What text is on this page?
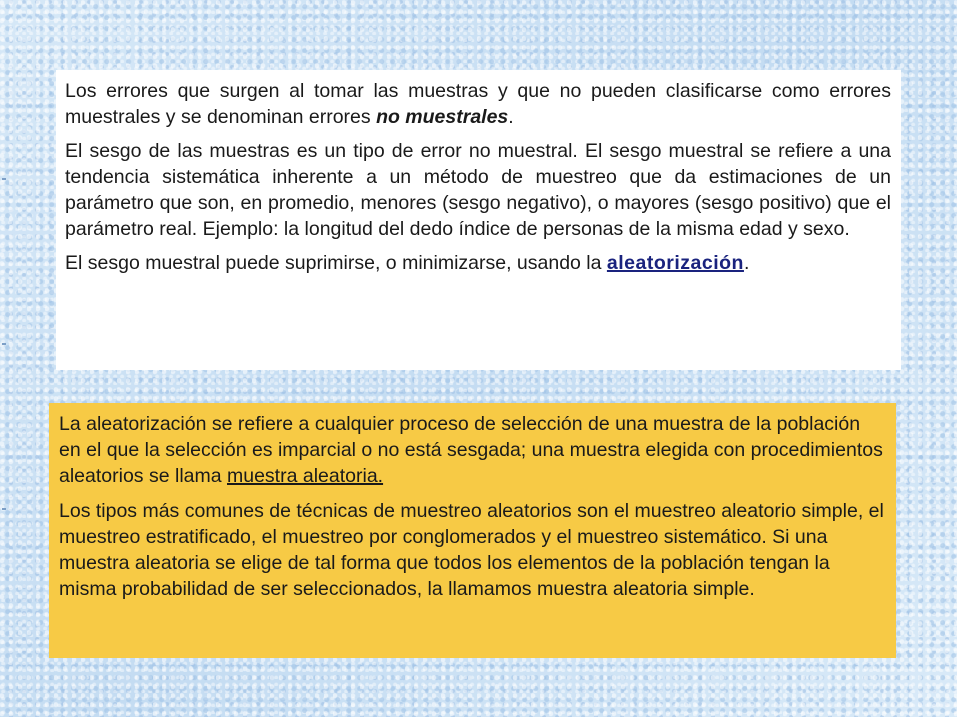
Los errores que surgen al tomar las muestras y que no pueden clasificarse como errores muestrales y se denominan errores no muestrales.

El sesgo de las muestras es un tipo de error no muestral. El sesgo muestral se refiere a una tendencia sistemática inherente a un método de muestreo que da estimaciones de un parámetro que son, en promedio, menores (sesgo negativo), o mayores (sesgo positivo) que el parámetro real. Ejemplo: la longitud del dedo índice de personas de la misma edad y sexo.

El sesgo muestral puede suprimirse, o minimizarse, usando la aleatorización.

La aleatorización se refiere a cualquier proceso de selección de una muestra de la población en el que la selección es imparcial o no está sesgada; una muestra elegida con procedimientos aleatorios se llama muestra aleatoria.

Los tipos más comunes de técnicas de muestreo aleatorios son el muestreo aleatorio simple, el muestreo estratificado, el muestreo por conglomerados y el muestreo sistemático. Si una muestra aleatoria se elige de tal forma que todos los elementos de la población tengan la misma probabilidad de ser seleccionados, la llamamos muestra aleatoria simple.
